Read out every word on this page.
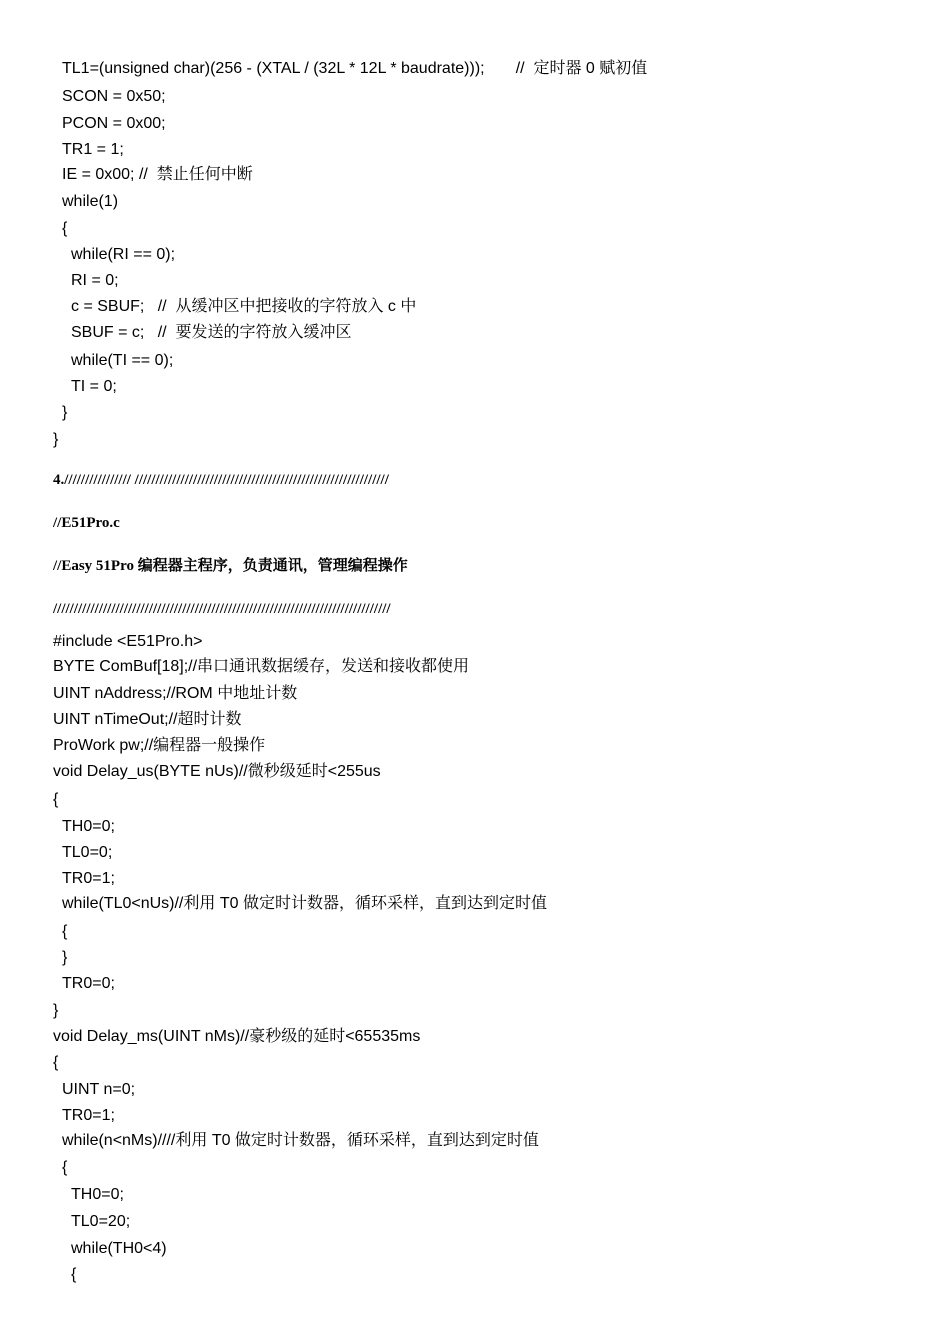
TL1=(unsigned char)(256 - (XTAL / (32L * 12L * baudrate)));       //  定时器 0 赋初值
SCON = 0x50;
PCON = 0x00;
TR1 = 1;
IE = 0x00; //  禁止任何中断
while(1)
{
while(RI == 0);
RI = 0;
c = SBUF;   //  从缓冲区中把接收的字符放入 c 中
SBUF = c;   //  要发送的字符放入缓冲区
while(TI == 0);
TI = 0;
}
}
4.//////////////// /////////////////////////////////////////////////////////////
//E51Pro.c
//Easy 51Pro 编程器主程序，负责通讯，管理编程操作
/////////////////////////////////////////////////////////////////////////////////
#include <E51Pro.h>
BYTE ComBuf[18];//串口通讯数据缓存，发送和接收都使用
UINT nAddress;//ROM 中地址计数
UINT nTimeOut;//超时计数
ProWork pw;//编程器一般操作
void Delay_us(BYTE nUs)//微秒级延时<255us
{
TH0=0;
TL0=0;
TR0=1;
while(TL0<nUs)//利用 T0 做定时计数器，循环采样，直到达到定时值
{
}
TR0=0;
}
void Delay_ms(UINT nMs)//豪秒级的延时<65535ms
{
UINT n=0;
TR0=1;
while(n<nMs)////利用 T0 做定时计数器，循环采样，直到达到定时值
{
TH0=0;
TL0=20;
while(TH0<4)
{
